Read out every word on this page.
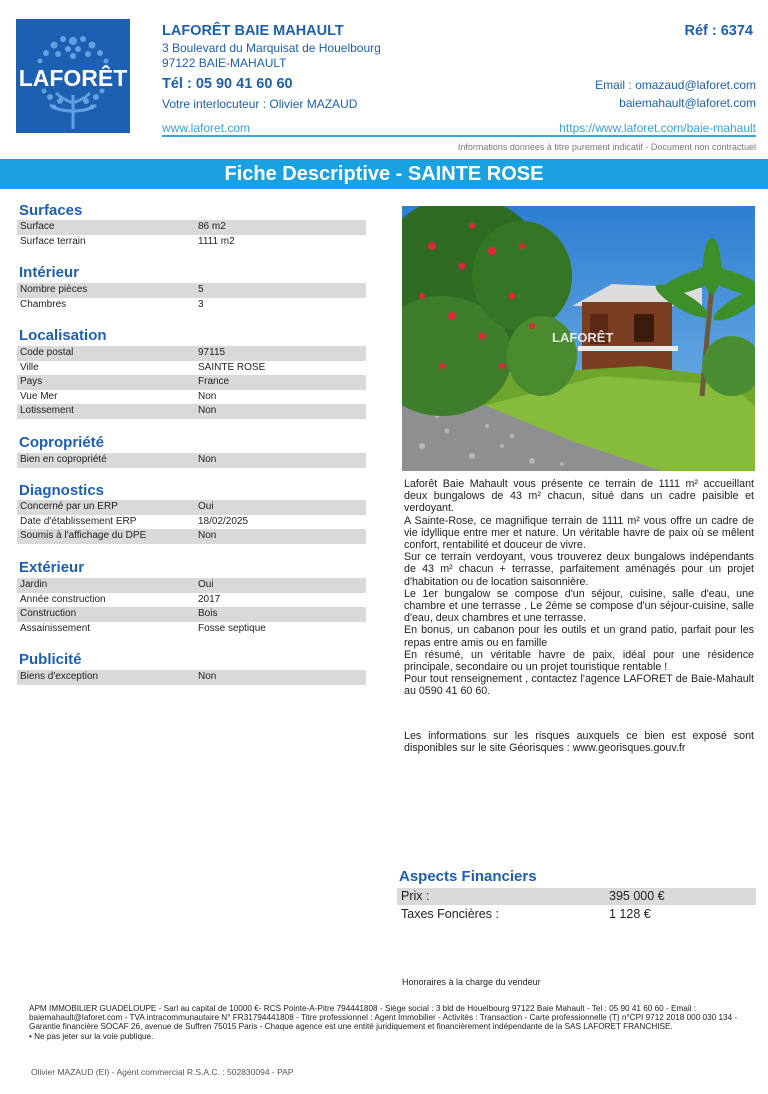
LAFORÊT
LAFORÊT BAIE MAHAULT	Réf : 6374
3 Boulevard du Marquisat de Houelbourg
97122 BAIE-MAHAULT
Tél : 05 90 41 60 60
Votre interlocuteur : Olivier MAZAUD
Email : omazaud@laforet.com
baiemahault@laforet.com
www.laforet.com	https://www.laforet.com/baie-mahault
Informations données à titre purement indicatif - Document non contractuel
Fiche Descriptive - SAINTE ROSE
Surfaces
Surface	86 m2
Surface terrain	1111 m2
Intérieur
Nombre pièces	5
Chambres	3
Localisation
Code postal	97115
Ville	SAINTE ROSE
Pays	France
Vue Mer	Non
Lotissement	Non
Copropriété
Bien en copropriété	Non
Diagnostics
Concerné par un ERP	Oui
Date d'établissement ERP	18/02/2025
Soumis à l'affichage du DPE	Non
Extérieur
Jardin	Oui
Année construction	2017
Construction	Bois
Assainissement	Fosse septique
Publicité
Biens d'exception	Non
LAFORÊT

Laforêt Baie Mahault vous présente ce terrain de 1111 m² accueillant deux bungalows de 43 m² chacun, situé dans un cadre paisible et verdoyant.

A Sainte-Rose, ce magnifique terrain de 1111 m² vous offre un cadre de vie idyllique entre mer et nature. Un véritable havre de paix où se mêlent confort, rentabilité et douceur de vivre.

Sur ce terrain verdoyant, vous trouverez deux bungalows indépendants de 43 m² chacun + terrasse, parfaitement aménagés pour un projet d'habitation ou de location saisonnière.

Le 1er bungalow se compose d'un séjour, cuisine, salle d'eau, une chambre et une terrasse . Le 2ème se compose d'un séjour-cuisine, salle d'eau, deux chambres et une terrasse.

En bonus, un cabanon pour les outils et un grand patio, parfait pour les repas entre amis ou en famille

En résumé, un véritable havre de paix, idéal pour une résidence principale, secondaire ou un projet touristique rentable !

Pour tout renseignement , contactez l'agence LAFORET de Baie-Mahault au 0590 41 60 60.

Les informations sur les risques auxquels ce bien est exposé sont disponibles sur le site Géorisques : www.georisques.gouv.fr
Aspects Financiers
Prix :	395 000 €
Taxes Foncières :	1 128 €
Honoraires à la charge du vendeur
APM IMMOBILIER GUADELOUPE - Sarl au capital de 10000 €- RCS Pointe-A-Pitre 794441808 - Siège social : 3 bld de Houelbourg 97122 Baie Mahault - Tel : 05 90 41 60 60 - Email : baiemahault@laforet.com - TVA intracommunautaire N° FR31794441808 - Titre professionnel : Agent Immobilier - Activités : Transaction - Carte professionnelle (T) n°CPI 9712 2018 000 030 134 - Garantie financière SOCAF 26, avenue de Suffren 75015 Paris - Chaque agence est une entité juridiquement et financièrement indépendante de la SAS LAFORET FRANCHISE.
• Ne pas jeter sur la voie publique.
Olivier MAZAUD (EI) - Agent commercial R.S.A.C. : 502830094 - PAP
